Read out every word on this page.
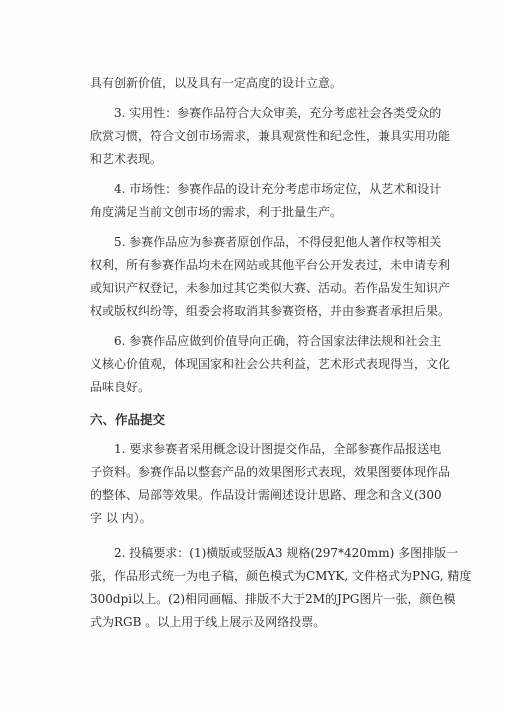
具有创新价值，以及具有一定高度的设计立意。
3. 实用性：参赛作品符合大众审美，充分考虑社会各类受众的
欣赏习惯，符合文创市场需求，兼具观赏性和纪念性，兼具实用功能
和艺术表现。
4. 市场性：参赛作品的设计充分考虑市场定位，从艺术和设计
角度满足当前文创市场的需求，利于批量生产。
5. 参赛作品应为参赛者原创作品，不得侵犯他人著作权等相关
权利，所有参赛作品均未在网站或其他平台公开发表过，未申请专利
或知识产权登记，未参加过其它类似大赛、活动。若作品发生知识产
权或版权纠纷等，组委会将取消其参赛资格，并由参赛者承担后果。
6. 参赛作品应做到价值导向正确，符合国家法律法规和社会主
义核心价值观，体现国家和社会公共利益，艺术形式表现得当，文化
品味良好。
六、作品提交
1. 要求参赛者采用概念设计图提交作品，全部参赛作品报送电
子资料。参赛作品以整套产品的效果图形式表现，效果图要体现作品
的整体、局部等效果。作品设计需阐述设计思路、理念和含义(300
字 以 内）。
2. 投稿要求：(1)横版或竖版A3 规格(297*420mm) 多图排版一
张，作品形式统一为电子稿，颜色模式为CMYK, 文件格式为PNG, 精度
300dpi以上。(2)相同画幅、排版不大于2M的JPG图片一张，颜色模
式为RGB 。以上用于线上展示及网络投票。
